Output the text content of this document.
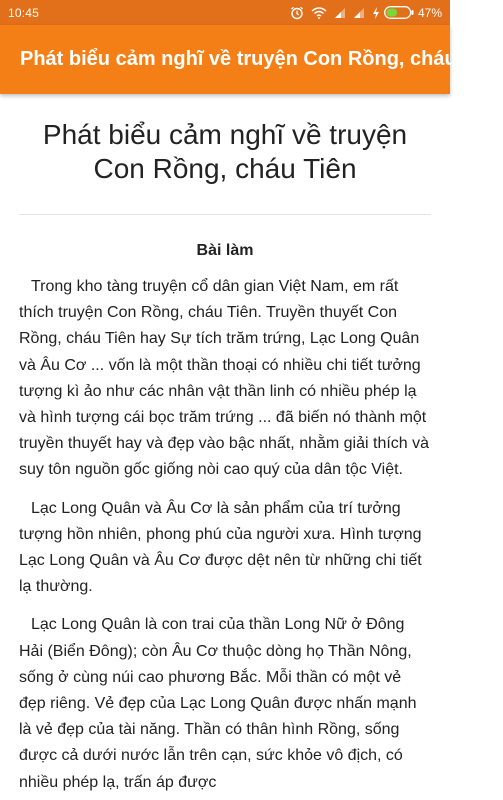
10:45	47%
Phát biểu cảm nghĩ về truyện Con Rồng, cháu Tiên
Phát biểu cảm nghĩ về truyện Con Rồng, cháu Tiên
Bài làm

Trong kho tàng truyện cổ dân gian Việt Nam, em rất thích truyện Con Rồng, cháu Tiên. Truyền thuyết Con Rồng, cháu Tiên hay Sự tích trăm trứng, Lạc Long Quân và Âu Cơ ... vốn là một thần thoại có nhiều chi tiết tưởng tượng kì ảo như các nhân vật thần linh có nhiều phép lạ và hình tượng cái bọc trăm trứng ... đã biến nó thành một truyền thuyết hay và đẹp vào bậc nhất, nhằm giải thích và suy tôn nguồn gốc giống nòi cao quý của dân tộc Việt.

Lạc Long Quân và Âu Cơ là sản phẩm của trí tưởng tượng hồn nhiên, phong phú của người xưa. Hình tượng Lạc Long Quân và Âu Cơ được dệt nên từ những chi tiết lạ thường.

Lạc Long Quân là con trai của thần Long Nữ ở Đông Hải (Biển Đông); còn Âu Cơ thuộc dòng họ Thần Nông, sống ở cùng núi cao phương Bắc. Mỗi thần có một vẻ đẹp riêng. Vẻ đẹp của Lạc Long Quân được nhấn mạnh là vẻ đẹp của tài năng. Thần có thân hình Rồng, sống được cả dưới nước lẫn trên cạn, sức khỏe vô địch, có nhiều phép lạ, trấn áp được
